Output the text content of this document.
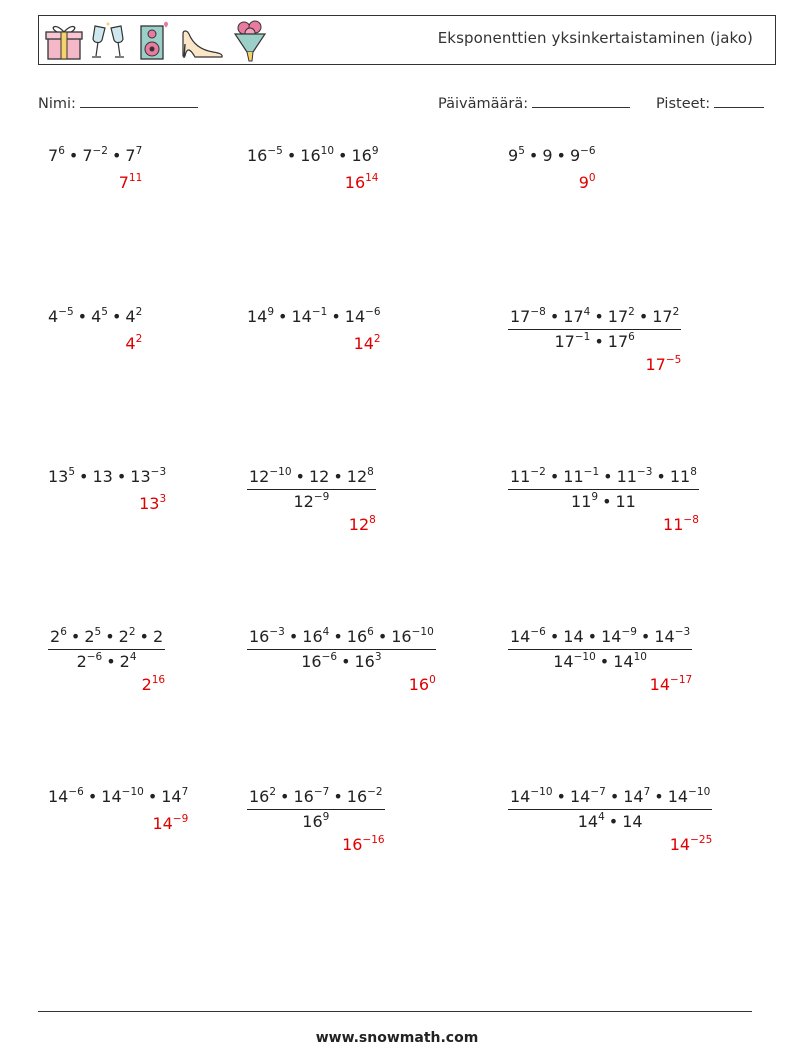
Eksponenttien yksinkertaistaminen (jako)
Nimi:	Päivämäärä:	Pisteet:
$7^6$ • $7^{-2}$ • $7^7$
$7^{11}$
$16^{-5}$ • $16^{10}$ • $16^9$
$16^{14}$
$9^5$ • 9 • $9^{-6}$
$9^0$
$4^{-5}$ • $4^5$ • $4^2$
$4^2$
$14^9$ • $14^{-1}$ • $14^{-6}$
$14^2$	$\frac{17^{-8} • 17^4 • 17^2 • 17^2}{17^{-1} • 17^6}$
$17^{-5}$
$13^5$ • 13 • $13^{-3}$
$13^3$	$\frac{12^{-10} • 12 • 12^8}{12^{-9}}$
$12^8$
$\frac{11^{-2} • 11^{-1} • 11^{-3} • 11^8}{11^9 • 11}$
$11^{-8}$
$\frac{2^6 • 2^5 • 2^2 • 2}{2^{-6} • 2^4}$
$2^{16}$
$\frac{16^{-3} • 16^4 • 16^6 • 16^{-10}}{16^{-6} • 16^3}$
$16^0$
$\frac{14^{-6} • 14 • 14^{-9} • 14^{-3}}{14^{-10} • 14^{10}}$
$14^{-17}$
$14^{-6}$ • $14^{-10}$ • $14^7$
$14^{-9}$	$\frac{16^2 • 16^{-7} • 16^{-2}}{16^9}$
$16^{-16}$
$\frac{14^{-10} • 14^{-7} • 14^7 • 14^{-10}}{14^4 • 14}$
$14^{-25}$
www.snowmath.com
